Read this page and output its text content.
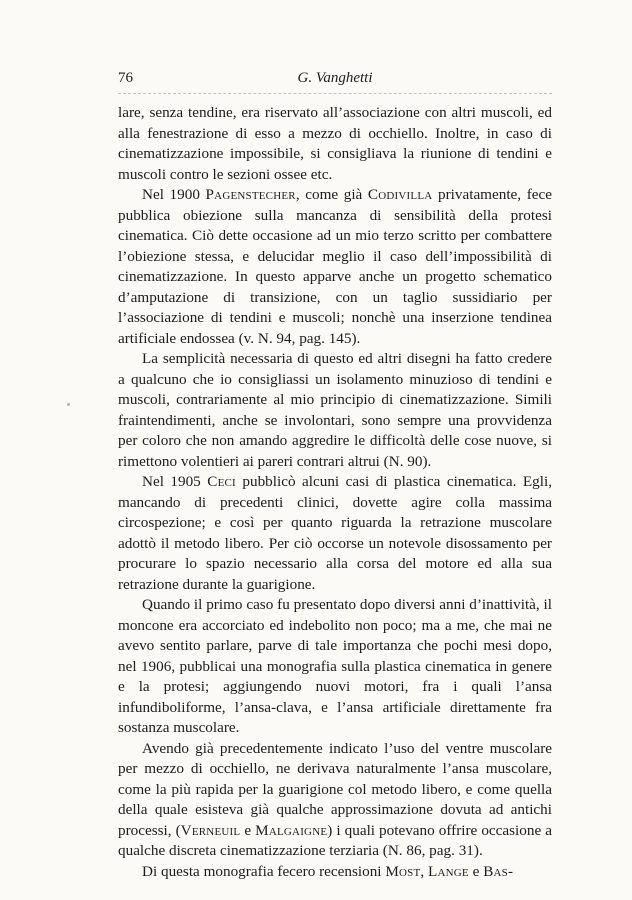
76	G. Vanghetti

lare, senza tendine, era riservato all’associazione con altri muscoli, ed alla fenestrazione di esso a mezzo di occhiello. Inoltre, in caso di cinematizzazione impossibile, si consigliava la riunione di tendini e muscoli contro le sezioni ossee etc.

Nel 1900 Pagenstecher, come già Codivilla privatamente, fece pubblica obiezione sulla mancanza di sensibilità della protesi cinematica. Ciò dette occasione ad un mio terzo scritto per combattere l’obiezione stessa, e delucidar meglio il caso dell’impossibilità di cinematizzazione. In questo apparve anche un progetto schematico d’amputazione di transizione, con un taglio sussidiario per l’associazione di tendini e muscoli; nonchè una inserzione tendinea artificiale endossea (v. N. 94, pag. 145).

La semplicità necessaria di questo ed altri disegni ha fatto credere a qualcuno che io consigliassi un isolamento minuzioso di tendini e muscoli, contrariamente al mio principio di cinematizzazione. Simili fraintendimenti, anche se involontari, sono sempre una provvidenza per coloro che non amando aggredire le difficoltà delle cose nuove, si rimettono volentieri ai pareri contrari altrui (N. 90).

Nel 1905 Ceci pubblicò alcuni casi di plastica cinematica. Egli, mancando di precedenti clinici, dovette agire colla massima circospezione; e così per quanto riguarda la retrazione muscolare adottò il metodo libero. Per ciò occorse un notevole disossamento per procurare lo spazio necessario alla corsa del motore ed alla sua retrazione durante la guarigione.

Quando il primo caso fu presentato dopo diversi anni d’inattività, il moncone era accorciato ed indebolito non poco; ma a me, che mai ne avevo sentito parlare, parve di tale importanza che pochi mesi dopo, nel 1906, pubblicai una monografia sulla plastica cinematica in genere e la protesi; aggiungendo nuovi motori, fra i quali l’ansa infundiboliforme, l’ansa-clava, e l’ansa artificiale direttamente fra sostanza muscolare.

Avendo già precedentemente indicato l’uso del ventre muscolare per mezzo di occhiello, ne derivava naturalmente l’ansa muscolare, come la più rapida per la guarigione col metodo libero, e come quella della quale esisteva già qualche approssimazione dovuta ad antichi processi, (Verneuil e Malgaigne) i quali potevano offrire occasione a qualche discreta cinematizzazione terziaria (N. 86, pag. 31).

Di questa monografia fecero recensioni Most, Lange e Bas-
